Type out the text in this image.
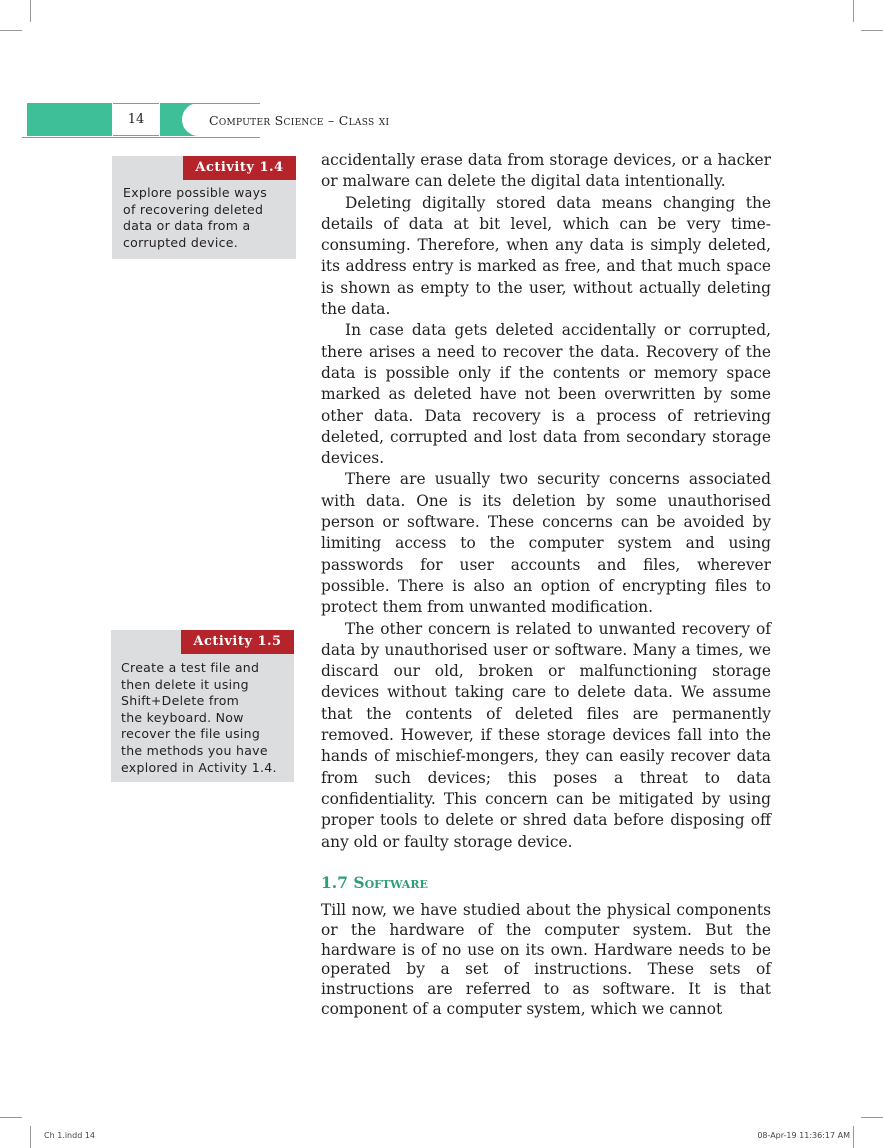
14	Computer Science – Class xi
Activity 1.4
Explore possible ways
of recovering deleted
data or data from a
corrupted device.
Activity 1.5
Create a test file and
then delete it using
Shift+Delete from
the keyboard. Now
recover the file using
the methods you have
explored in Activity 1.4.

accidentally erase data from storage devices, or a hacker or malware can delete the digital data intentionally.

Deleting digitally stored data means changing the details of data at bit level, which can be very time-consuming. Therefore, when any data is simply deleted, its address entry is marked as free, and that much space is shown as empty to the user, without actually deleting the data.

In case data gets deleted accidentally or corrupted, there arises a need to recover the data. Recovery of the data is possible only if the contents or memory space marked as deleted have not been overwritten by some other data. Data recovery is a process of retrieving deleted, corrupted and lost data from secondary storage devices.

There are usually two security concerns associated with data. One is its deletion by some unauthorised person or software. These concerns can be avoided by limiting access to the computer system and using passwords for user accounts and files, wherever possible. There is also an option of encrypting files to protect them from unwanted modification.

The other concern is related to unwanted recovery of data by unauthorised user or software. Many a times, we discard our old, broken or malfunctioning storage devices without taking care to delete data. We assume that the contents of deleted files are permanently removed. However, if these storage devices fall into the hands of mischief-mongers, they can easily recover data from such devices; this poses a threat to data confidentiality. This concern can be mitigated by using proper tools to delete or shred data before disposing off any old or faulty storage device.

1.7 Software

Till now, we have studied about the physical components or the hardware of the computer system. But the hardware is of no use on its own. Hardware needs to be operated by a set of instructions. These sets of instructions are referred to as software. It is that component of a computer system, which we cannot

Ch 1.indd 14	08-Apr-19 11:36:17 AM
